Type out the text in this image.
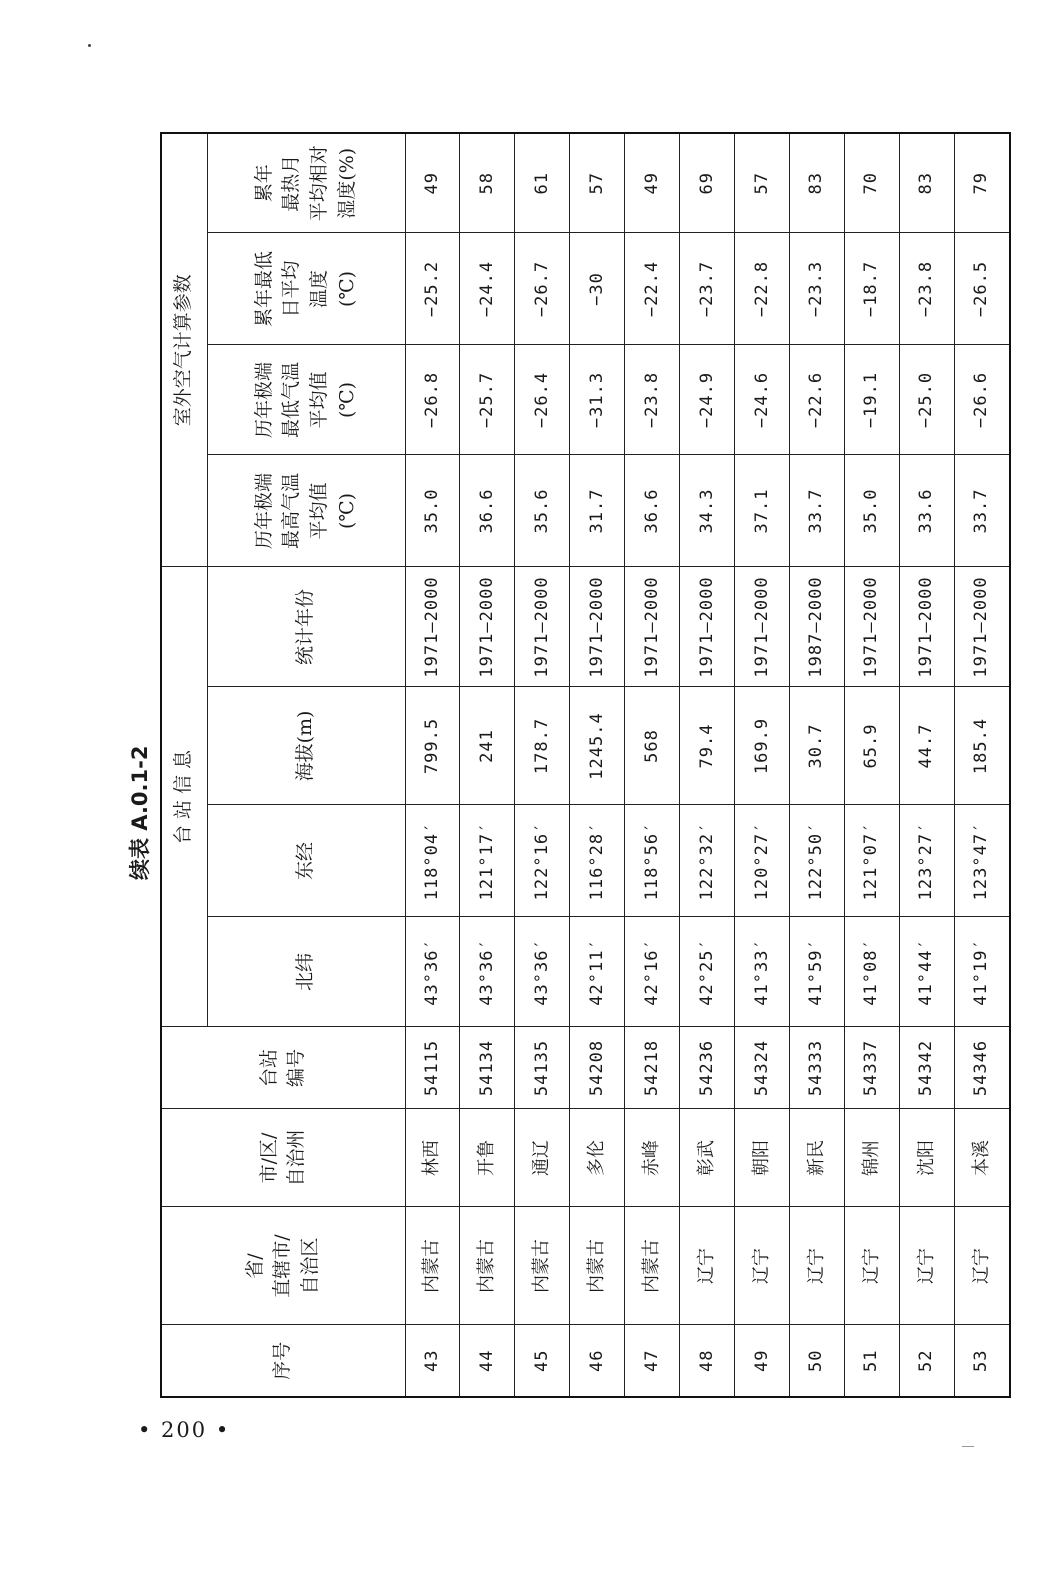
续表 A.0.1-2
序号	省/ 直辖市/ 自治区	市/区/ 自治州	台站 编号	台 站 信 息				室外空气计算参数			
				北纬	东经	海拔(m)	统计年份	历年极端 最高气温 平均值 (℃)	历年极端 最低气温 平均值 (℃)	累年最低 日平均 温度 (℃)	累年 最热月 平均相对 湿度(%)

43	内蒙古	林西	54115	43°36′	118°04′	799.5	1971—2000	35.0	−26.8	−25.2	49
44	内蒙古	开鲁	54134	43°36′	121°17′	241	1971—2000	36.6	−25.7	−24.4	58
45	内蒙古	通辽	54135	43°36′	122°16′	178.7	1971—2000	35.6	−26.4	−26.7	61
46	内蒙古	多伦	54208	42°11′	116°28′	1245.4	1971—2000	31.7	−31.3	−30	57
47	内蒙古	赤峰	54218	42°16′	118°56′	568	1971—2000	36.6	−23.8	−22.4	49
48	辽宁	彰武	54236	42°25′	122°32′	79.4	1971—2000	34.3	−24.9	−23.7	69
49	辽宁	朝阳	54324	41°33′	120°27′	169.9	1971—2000	37.1	−24.6	−22.8	57
50	辽宁	新民	54333	41°59′	122°50′	30.7	1987—2000	33.7	−22.6	−23.3	83
51	辽宁	锦州	54337	41°08′	121°07′	65.9	1971—2000	35.0	−19.1	−18.7	70
52	辽宁	沈阳	54342	41°44′	123°27′	44.7	1971—2000	33.6	−25.0	−23.8	83
53	辽宁	本溪	54346	41°19′	123°47′	185.4	1971—2000	33.7	−26.6	−26.5	79
• 200 •
